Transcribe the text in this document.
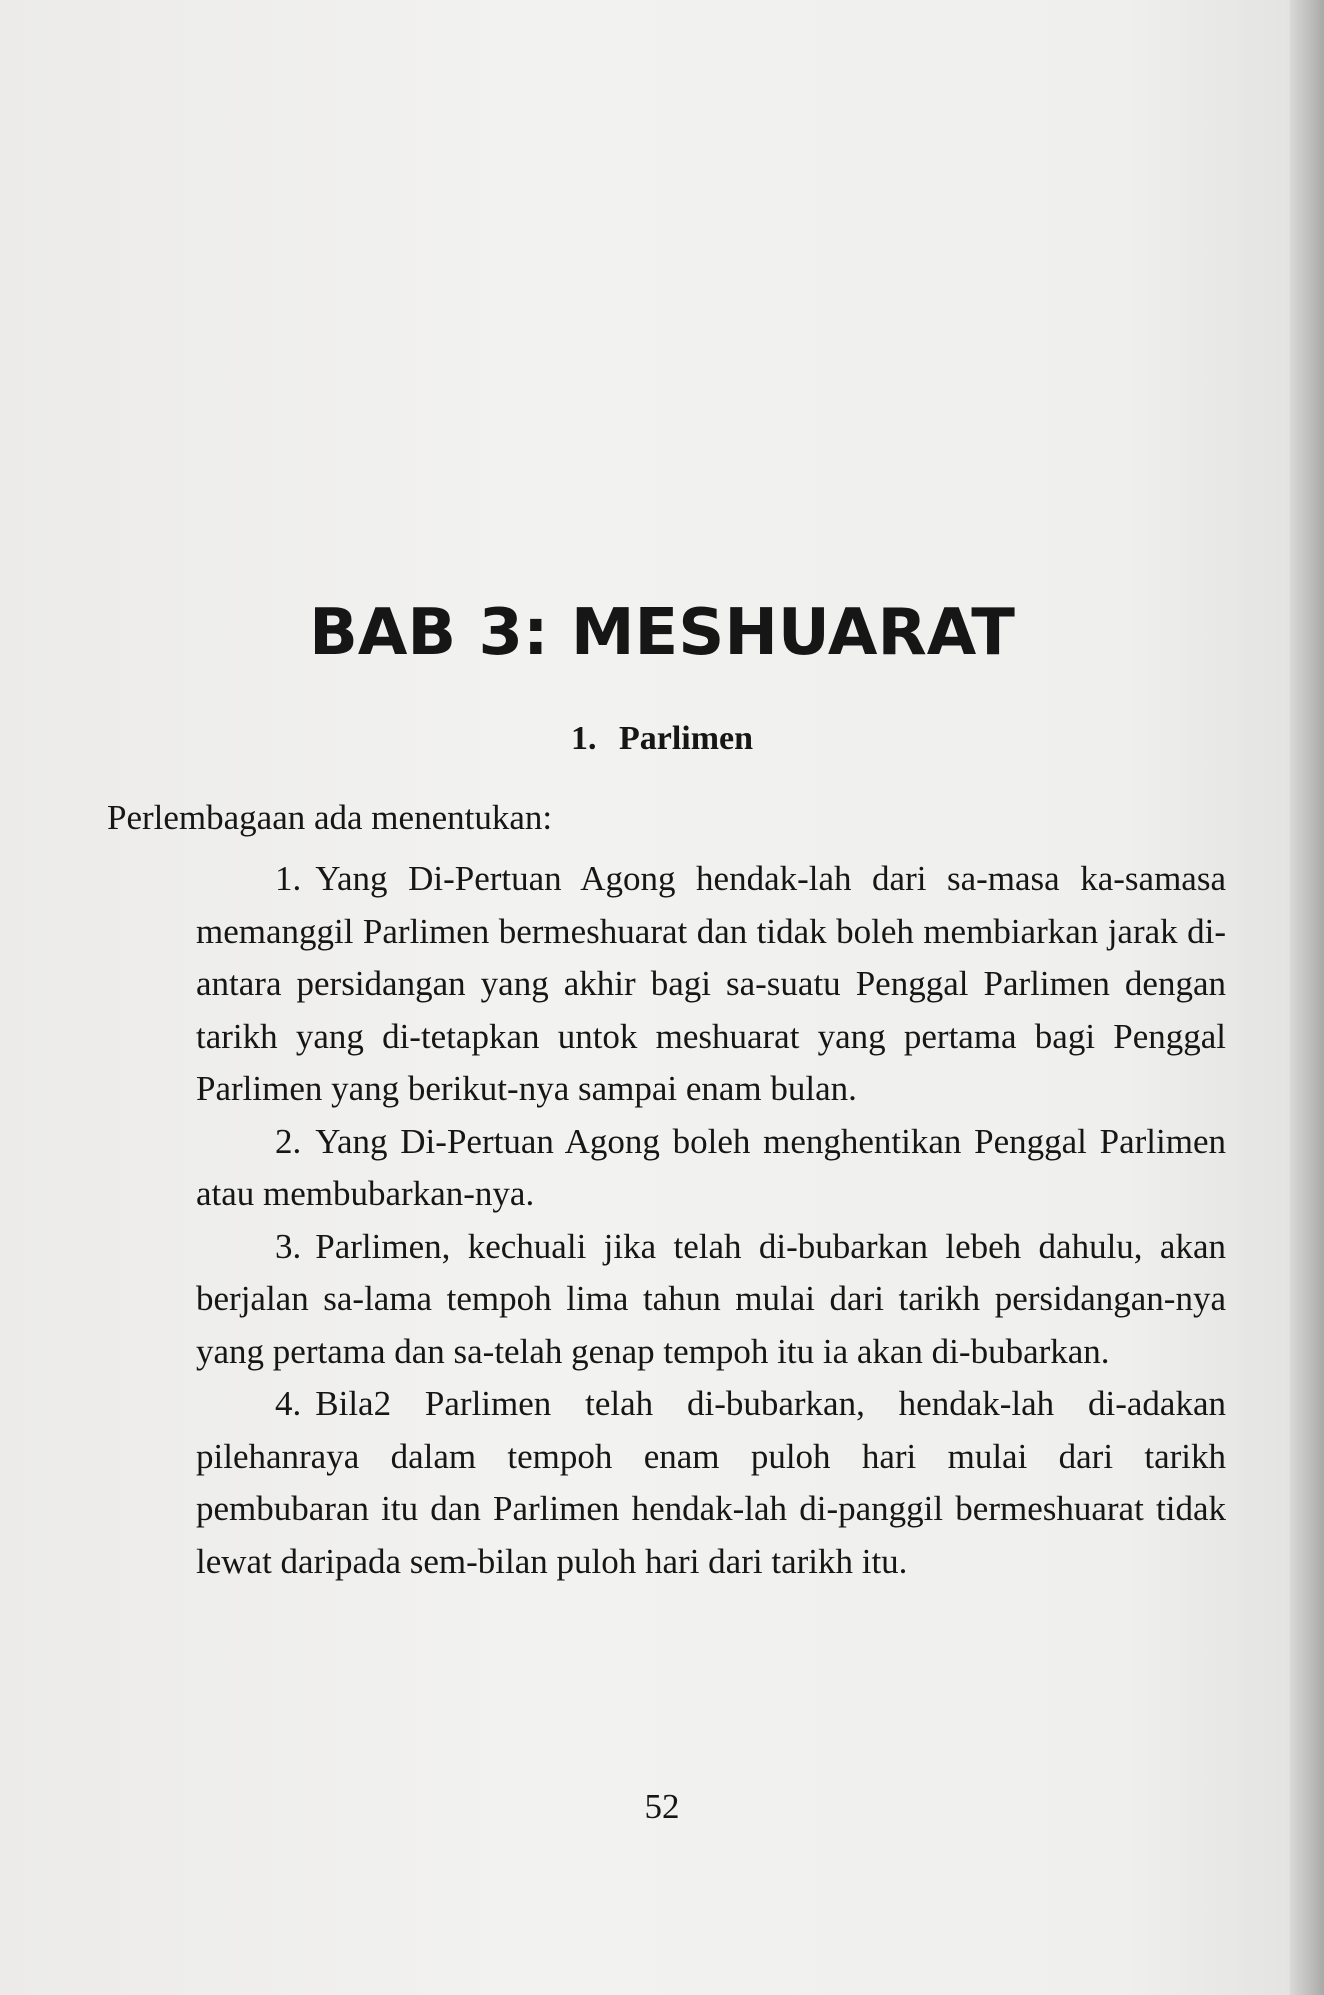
BAB 3: MESHUARAT
1. Parlimen

Perlembagaan ada menentukan:

1. Yang Di-Pertuan Agong hendak-lah dari sa-masa ka-samasa memanggil Parlimen bermeshuarat dan tidak boleh membiarkan jarak di-antara persidangan yang akhir bagi sa-suatu Penggal Parlimen dengan tarikh yang di-tetapkan untok meshuarat yang pertama bagi Penggal Parlimen yang berikut-nya sampai enam bulan.

2. Yang Di-Pertuan Agong boleh menghentikan Penggal Parlimen atau membubarkan-nya.

3. Parlimen, kechuali jika telah di-bubarkan lebeh dahulu, akan berjalan sa-lama tempoh lima tahun mulai dari tarikh persidangan-nya yang pertama dan sa-telah genap tempoh itu ia akan di-bubarkan.

4. Bila2 Parlimen telah di-bubarkan, hendak-lah di-adakan pilehanraya dalam tempoh enam puloh hari mulai dari tarikh pembubaran itu dan Parlimen hendak-lah di-panggil bermeshuarat tidak lewat daripada sem-bilan puloh hari dari tarikh itu.

52
